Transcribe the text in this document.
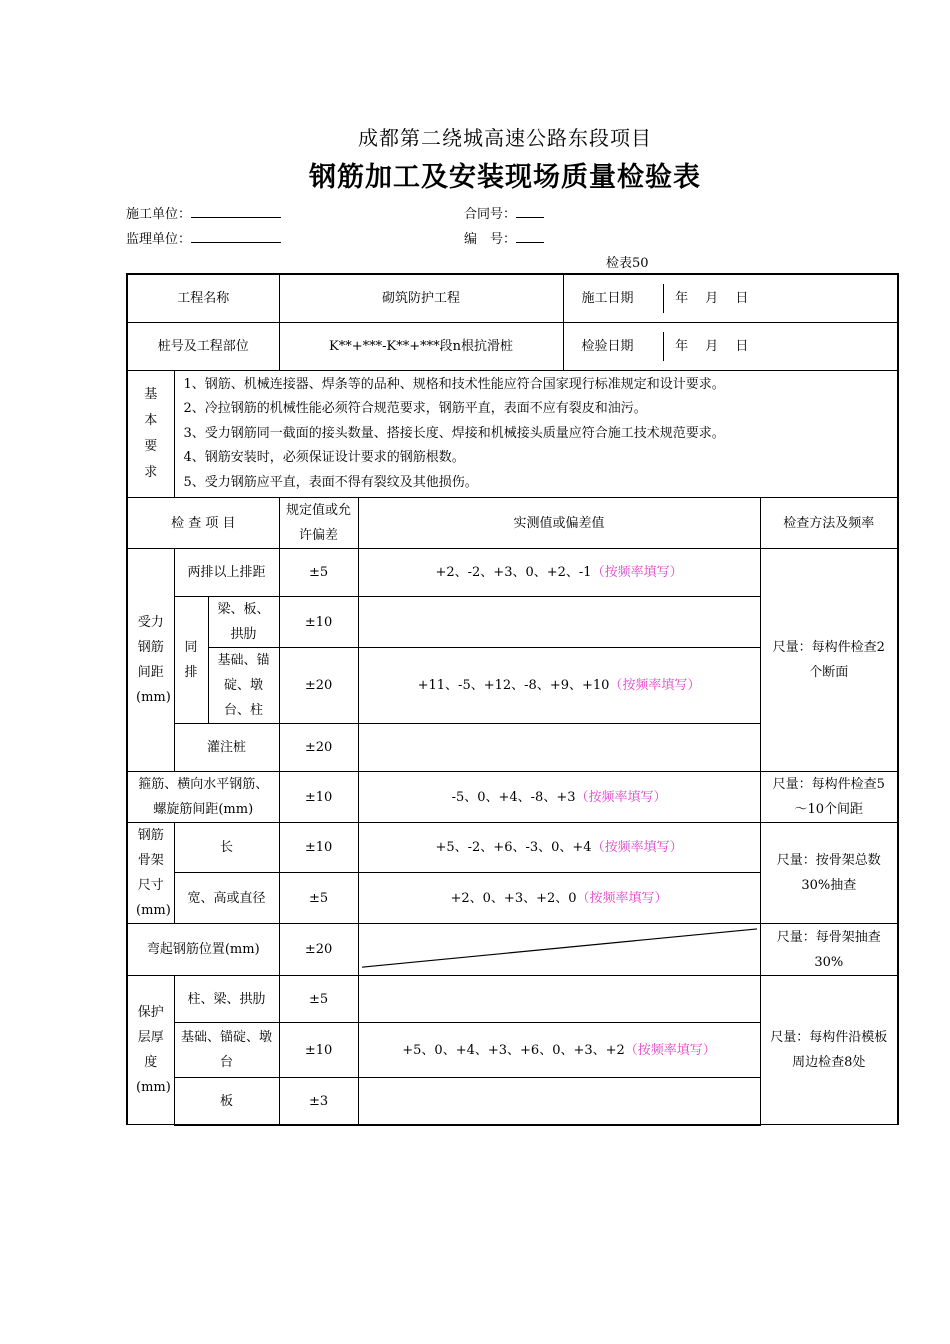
成都第二绕城高速公路东段项目
钢筋加工及安装现场质量检验表
施工单位：	合同号：
监理单位：	编　号：
检表50
工程名称			砌筑防护工程		施工日期 年　 月　 日	

桩号及工程部位			K**+***-K**+***段n根抗滑桩		检验日期 年　 月　 日	

基本要求	1、钢筋、机械连接器、焊条等的品种、规格和技术性能应符合国家现行标准规定和设计要求。
2、冷拉钢筋的机械性能必须符合规范要求，钢筋平直，表面不应有裂皮和油污。
3、受力钢筋同一截面的接头数量、搭接长度、焊接和机械接头质量应符合施工技术规范要求。
4、钢筋安装时，必须保证设计要求的钢筋根数。
5、受力钢筋应平直，表面不得有裂纹及其他损伤。					

检 查 项 目			规定值或允许偏差	实测值或偏差值		检查方法及频率
受力钢筋间距(mm)	两排以上排距		±5	+2、-2、+3、0、+2、-1（按频率填写）		尺量：每构件检查2个断面
	同排	梁、板、拱肋	±10			
		基础、锚碇、墩台、柱	±20	+11、-5、+12、-8、+9、+10（按频率填写）		
	灌注桩		±20			
箍筋、横向水平钢筋、螺旋筋间距(mm)			±10	-5、0、+4、-8、+3（按频率填写）		尺量：每构件检查5～10个间距
钢筋骨架尺寸(mm)	长		±10	+5、-2、+6、-3、0、+4（按频率填写）		尺量：按骨架总数30%抽查
	宽、高或直径		±5	+2、0、+3、+2、0（按频率填写）		
弯起钢筋位置(mm)			±20			尺量：每骨架抽查30%
保护层厚度(mm)	柱、梁、拱肋		±5			尺量：每构件沿模板周边检查8处
	基础、锚碇、墩台		±10	+5、0、+4、+3、+6、0、+3、+2（按频率填写）		
	板		±3			
